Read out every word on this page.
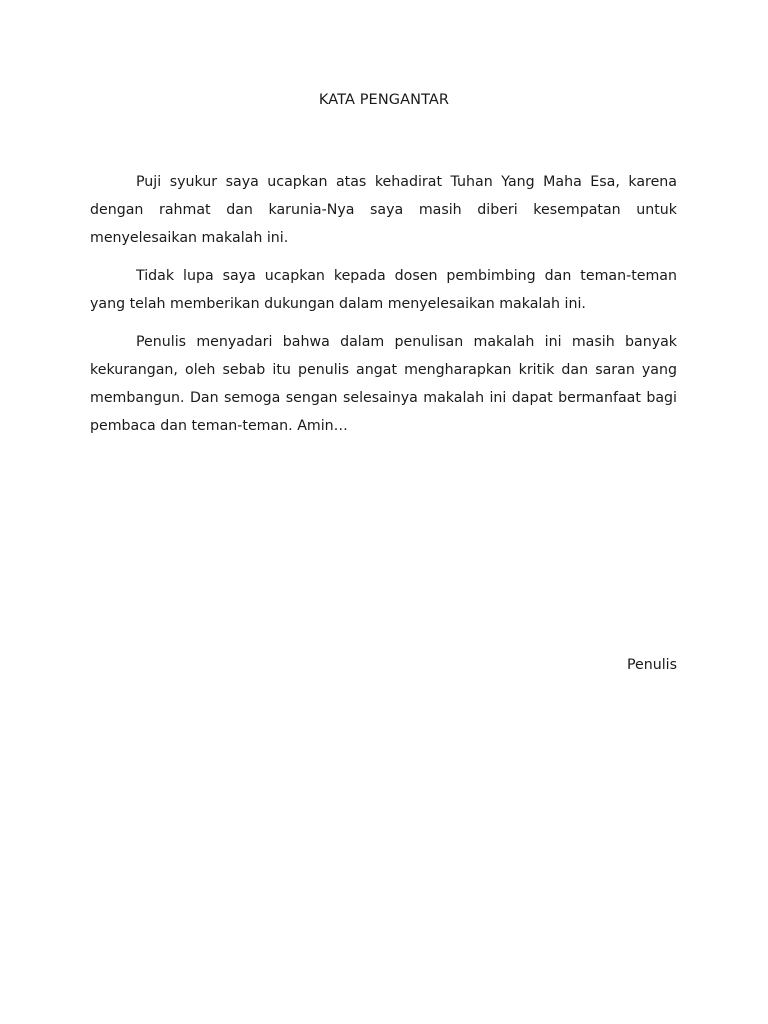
KATA PENGANTAR

Puji syukur saya ucapkan atas kehadirat Tuhan Yang Maha Esa, karena dengan rahmat dan karunia-Nya saya masih diberi kesempatan untuk menyelesaikan makalah ini.

Tidak lupa saya ucapkan kepada dosen pembimbing dan teman-teman yang telah memberikan dukungan dalam menyelesaikan makalah ini.

Penulis menyadari bahwa dalam penulisan makalah ini masih banyak kekurangan, oleh sebab itu penulis angat mengharapkan kritik dan saran yang membangun. Dan semoga sengan selesainya makalah ini dapat bermanfaat bagi pembaca dan teman-teman. Amin…

Penulis
